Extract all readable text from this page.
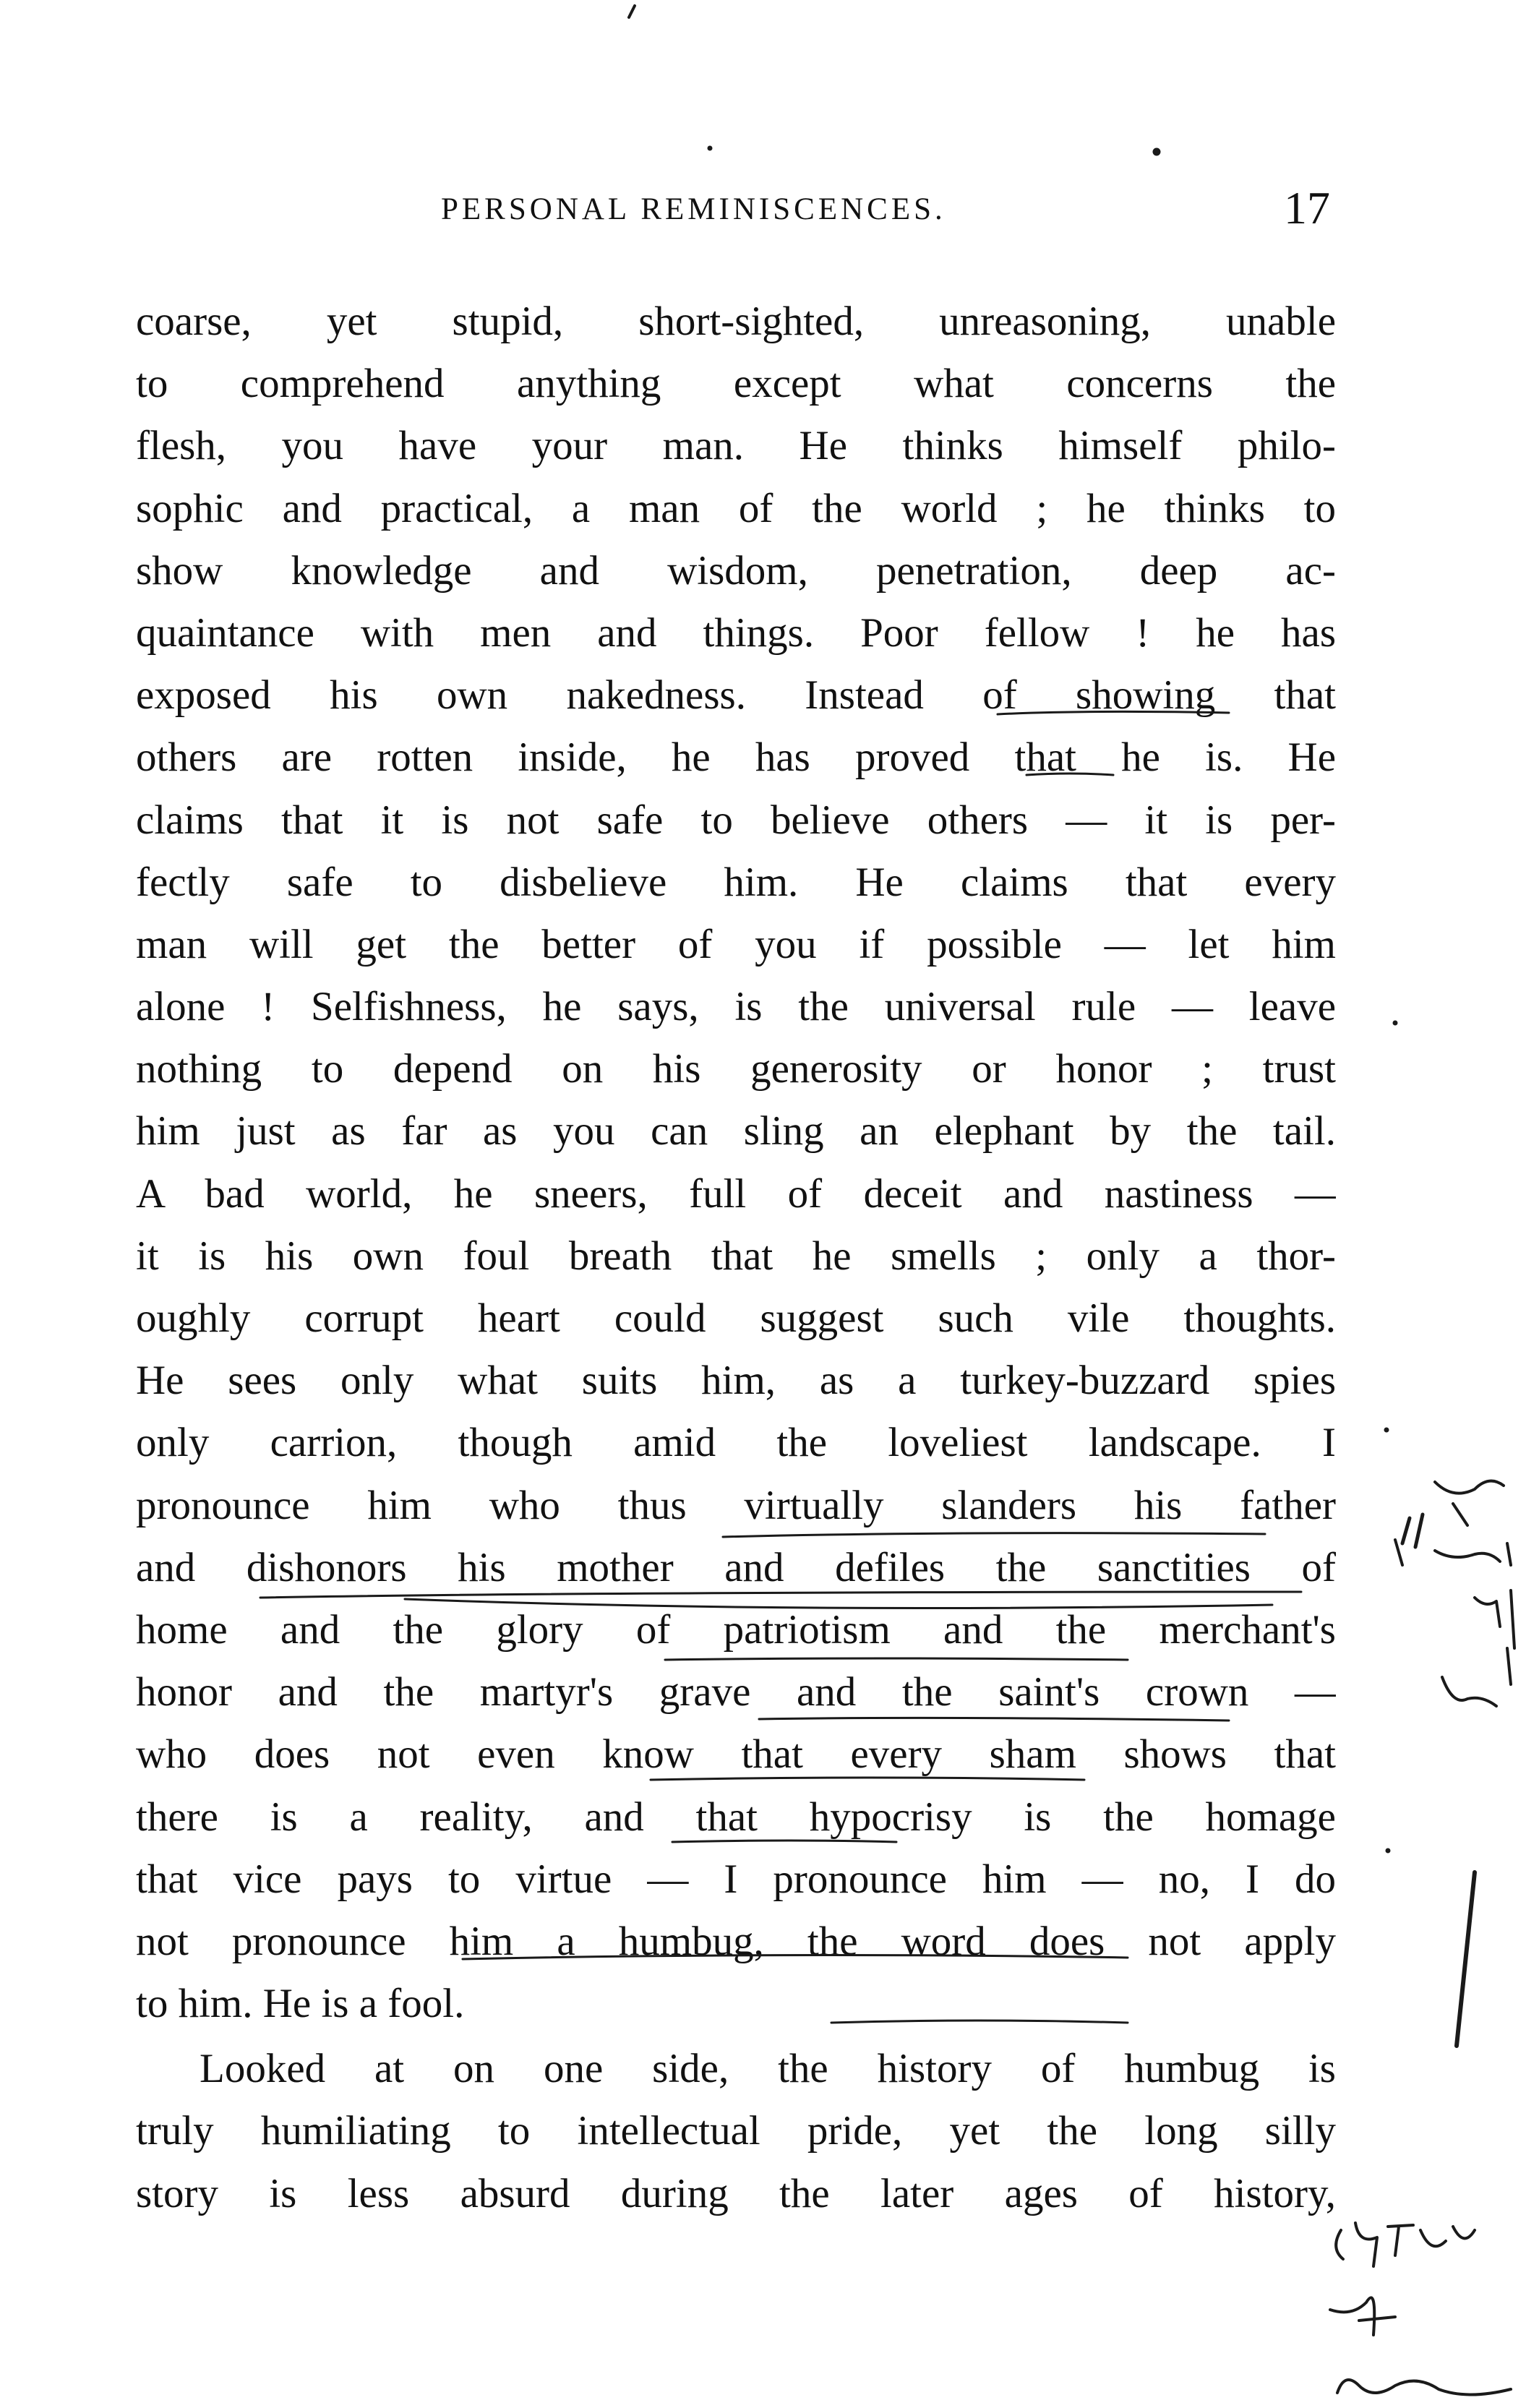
PERSONAL REMINISCENCES.	17
coarse, yet stupid, short-sighted, unreasoning, unable
to comprehend anything except what concerns the
flesh, you have your man. He thinks himself philo-
sophic and practical, a man of the world ; he thinks to
show knowledge and wisdom, penetration, deep ac-
quaintance with men and things. Poor fellow ! he has
exposed his own nakedness. Instead of showing that
others are rotten inside, he has proved that he is. He
claims that it is not safe to believe others — it is per-
fectly safe to disbelieve him. He claims that every
man will get the better of you if possible — let him
alone ! Selfishness, he says, is the universal rule — leave
nothing to depend on his generosity or honor ; trust
him just as far as you can sling an elephant by the tail.
A bad world, he sneers, full of deceit and nastiness —
it is his own foul breath that he smells ; only a thor-
oughly corrupt heart could suggest such vile thoughts.
He sees only what suits him, as a turkey-buzzard spies
only carrion, though amid the loveliest landscape. I
pronounce him who thus virtually slanders his father
and dishonors his mother and defiles the sanctities of
home and the glory of patriotism and the merchant's
honor and the martyr's grave and the saint's crown —
who does not even know that every sham shows that
there is a reality, and that hypocrisy is the homage
that vice pays to virtue — I pronounce him — no, I do
not pronounce him a humbug, the word does not apply
to him. He is a fool.
Looked at on one side, the history of humbug is
truly humiliating to intellectual pride, yet the long silly
story is less absurd during the later ages of history,
